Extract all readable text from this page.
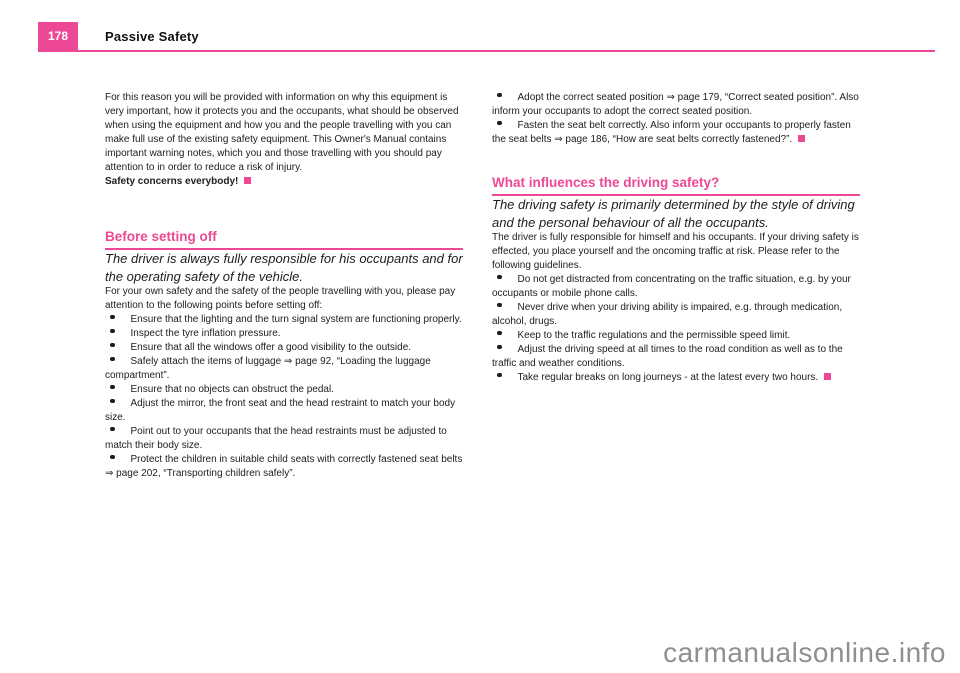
178	Passive Safety

For this reason you will be provided with information on why this equipment is very important, how it protects you and the occupants, what should be observed when using the equipment and how you and the people travelling with you can make full use of the existing safety equipment. This Owner's Manual contains important warning notes, which you and those travelling with you should pay attention to in order to reduce a risk of injury.

Safety concerns everybody!

Before setting off

The driver is always fully responsible for his occupants and for the operating safety of the vehicle.

For your own safety and the safety of the people travelling with you, please pay attention to the following points before setting off:

Ensure that the lighting and the turn signal system are functioning properly.

Inspect the tyre inflation pressure.

Ensure that all the windows offer a good visibility to the outside.

Safely attach the items of luggage ⇒ page 92, “Loading the luggage compartment”.

Ensure that no objects can obstruct the pedal.

Adjust the mirror, the front seat and the head restraint to match your body size.

Point out to your occupants that the head restraints must be adjusted to match their body size.

Protect the children in suitable child seats with correctly fastened seat belts ⇒ page 202, “Transporting children safely”.

Adopt the correct seated position ⇒ page 179, “Correct seated position”. Also inform your occupants to adopt the correct seated position.

Fasten the seat belt correctly. Also inform your occupants to properly fasten the seat belts ⇒ page 186, “How are seat belts correctly fastened?”.

What influences the driving safety?

The driving safety is primarily determined by the style of driving and the personal behaviour of all the occupants.

The driver is fully responsible for himself and his occupants. If your driving safety is effected, you place yourself and the oncoming traffic at risk. Please refer to the following guidelines.

Do not get distracted from concentrating on the traffic situation, e.g. by your occupants or mobile phone calls.

Never drive when your driving ability is impaired, e.g. through medication, alcohol, drugs.

Keep to the traffic regulations and the permissible speed limit.

Adjust the driving speed at all times to the road condition as well as to the traffic and weather conditions.

Take regular breaks on long journeys - at the latest every two hours.

carmanualsonline.info
